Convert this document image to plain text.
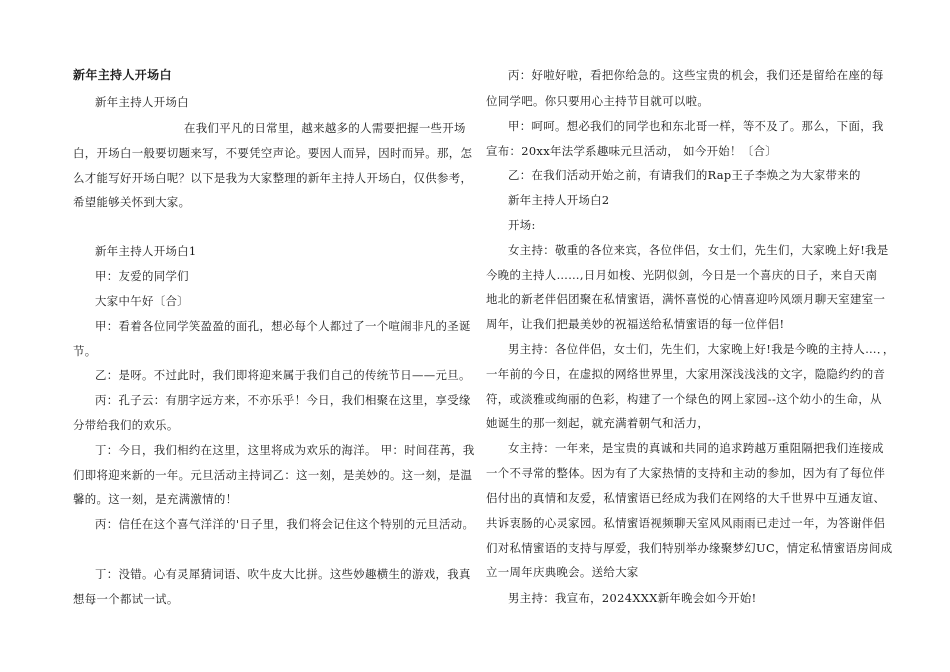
新年主持人开场白
新年主持人开场白
在我们平凡的日常里，越来越多的人需要把握一些开场
白，开场白一般要切题来写，不要凭空声论。要因人而异，因时而异。那，怎
么才能写好开场白呢？以下是我为大家整理的新年主持人开场白，仅供参考，
希望能够关怀到大家。
新年主持人开场白1
甲：友爱的同学们
大家中午好〔合〕
甲：看着各位同学笑盈盈的面孔，想必每个人都过了一个喧闹非凡的圣诞
节。
乙：是呀。不过此时，我们即将迎来属于我们自己的传统节日——元旦。
丙：孔子云：有朋字远方来，不亦乐乎！今日，我们相聚在这里，享受缘
分带给我们的欢乐。
丁：今日，我们相约在这里，这里将成为欢乐的海洋。 甲：时间荏苒，我
们即将迎来新的一年。元旦活动主持词乙：这一刻，是美妙的。这一刻，是温
馨的。这一刻，是充满激情的！
丙：信任在这个喜气洋洋的'日子里，我们将会记住这个特别的元旦活动。
丁：没错。心有灵犀猜词语、吹牛皮大比拼。这些妙趣横生的游戏，我真
想每一个都试一试。
丙：好啦好啦，看把你给急的。这些宝贵的机会，我们还是留给在座的每
位同学吧。你只要用心主持节目就可以啦。
甲：呵呵。想必我们的同学也和东北哥一样，等不及了。那么，下面，我
宣布：20xx年法学系趣味元旦活动， 如今开始！〔合〕
乙：在我们活动开始之前，有请我们的Rap王子李焕之为大家带来的
新年主持人开场白2
开场:
女主持：敬重的各位来宾，各位伴侣，女士们，先生们，大家晚上好!我是
今晚的主持人……,日月如梭、光阴似剑，今日是一个喜庆的日子，来自天南
地北的新老伴侣团聚在私情蜜语，满怀喜悦的心情喜迎吟风颂月聊天室建室一
周年，让我们把最美妙的祝福送给私情蜜语的每一位伴侣!
男主持：各位伴侣，女士们，先生们，大家晚上好!我是今晚的主持人…．，
一年前的今日，在虚拟的网络世界里，大家用深浅浅浅的文字，隐隐约约的音
符，或淡雅或绚丽的色彩，构建了一个绿色的网上家园--这个幼小的生命，从
她诞生的那一刻起，就充满着朝气和活力，
女主持：一年来，是宝贵的真诚和共同的追求跨越万重阻隔把我们连接成
一个不寻常的整体。因为有了大家热情的支持和主动的参加，因为有了每位伴
侣付出的真情和友爱，私情蜜语已经成为我们在网络的大千世界中互通友谊、
共诉衷肠的心灵家园。私情蜜语视频聊天室风风雨雨已走过一年，为答谢伴侣
们对私情蜜语的支持与厚爱，我们特别举办缘聚梦幻UC，情定私情蜜语房间成
立一周年庆典晚会。送给大家
男主持：我宣布，2024XXX新年晚会如今开始!
